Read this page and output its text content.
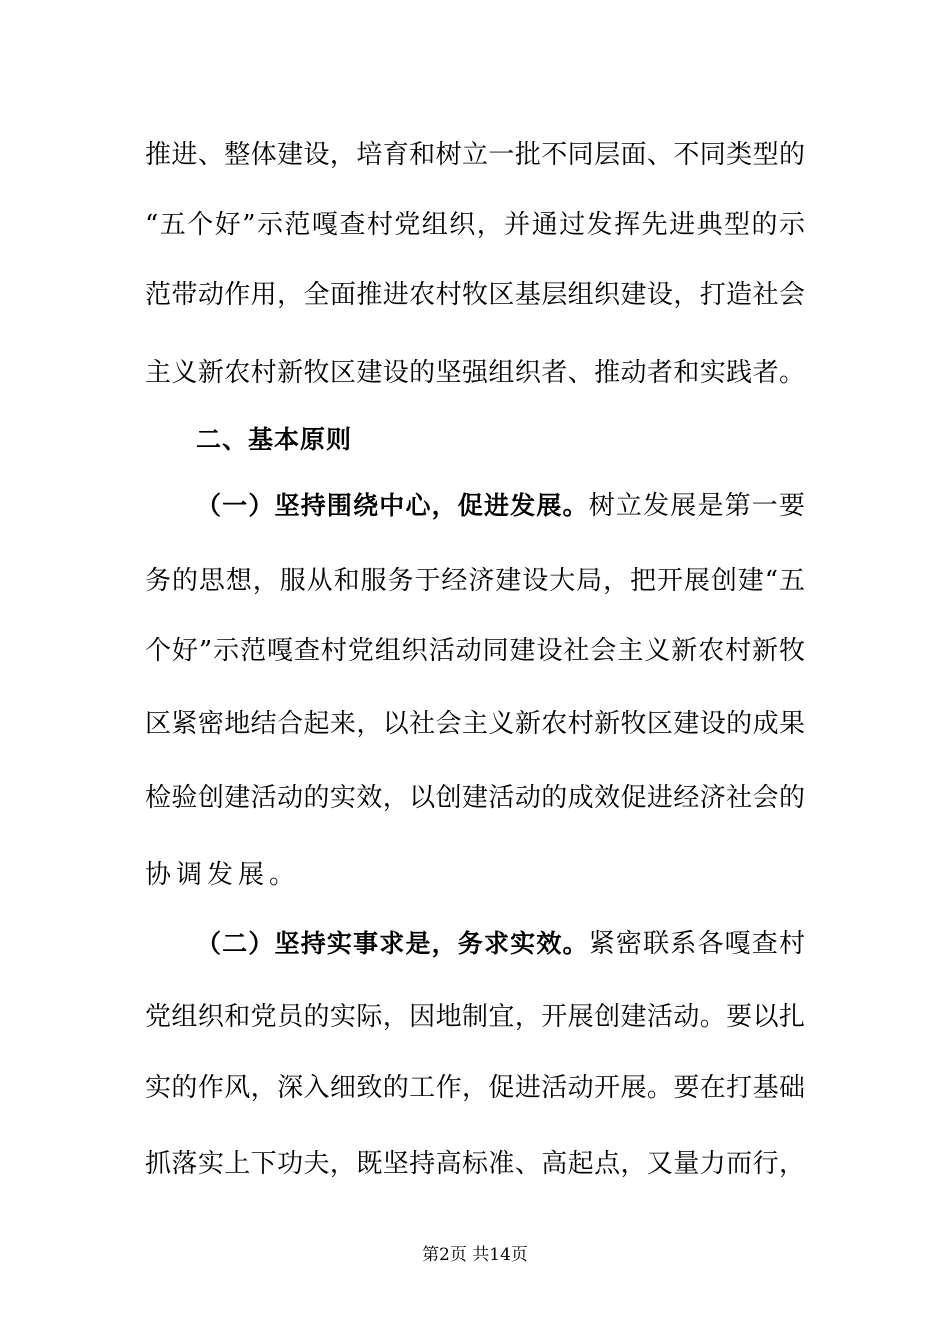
推进、整体建设，培育和树立一批不同层面、不同类型的
“五个好”示范嘎查村党组织，并通过发挥先进典型的示
范带动作用，全面推进农村牧区基层组织建设，打造社会
主义新农村新牧区建设的坚强组织者、推动者和实践者。
二、基本原则
（一）坚持围绕中心，促进发展。树立发展是第一要
务的思想，服从和服务于经济建设大局，把开展创建“五
个好”示范嘎查村党组织活动同建设社会主义新农村新牧
区紧密地结合起来，以社会主义新农村新牧区建设的成果
检验创建活动的实效，以创建活动的成效促进经济社会的
协调发展。
（二）坚持实事求是，务求实效。紧密联系各嘎查村
党组织和党员的实际，因地制宜，开展创建活动。要以扎
实的作风，深入细致的工作，促进活动开展。要在打基础
抓落实上下功夫，既坚持高标准、高起点，又量力而行，
第2页 共14页
